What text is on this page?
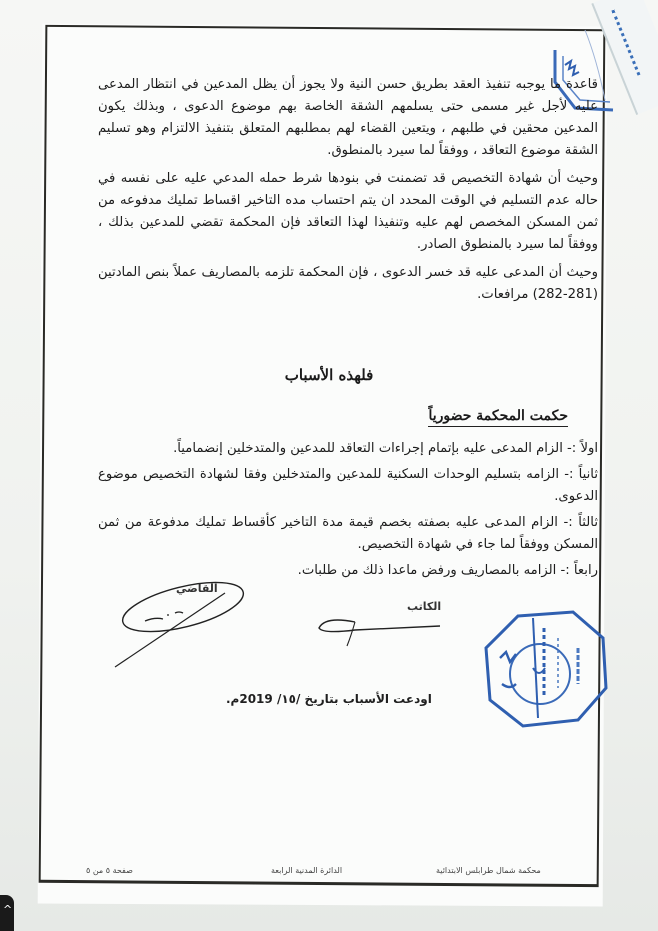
قاعدة ما يوجبه تنفيذ العقد بطريق حسن النية ولا يجوز أن يظل المدعين في انتظار المدعى عليه لأجل غير مسمى حتى يسلمهم الشقة الخاصة بهم موضوع الدعوى ، وبذلك يكون المدعين محقين في طلبهم ، ويتعين القضاء لهم بمطلبهم المتعلق بتنفيذ الالتزام وهو تسليم الشقة موضوع التعاقد ، ووفقاً لما سيرد بالمنطوق.

وحيث أن شهادة التخصيص قد تضمنت في بنودها شرط حمله المدعي عليه على نفسه في حاله عدم التسليم في الوقت المحدد ان يتم احتساب مده التاخير اقساط تمليك مدفوعه من ثمن المسكن المخصص لهم عليه وتنفيذا لهذا التعاقد فإن المحكمة تقضي للمدعين بذلك ، ووفقاً لما سيرد بالمنطوق الصادر.

وحيث أن المدعى عليه قد خسر الدعوى ، فإن المحكمة تلزمه بالمصاريف عملاً بنص المادتين (281-282) مرافعات.

فلهذه الأسباب
حكمت المحكمة حضورياً

اولاً :- الزام المدعى عليه بإتمام إجراءات التعاقد للمدعين والمتدخلين إنضمامياً.

ثانياً :- الزامه بتسليم الوحدات السكنية للمدعين والمتدخلين وفقا لشهادة التخصيص موضوع الدعوى.

ثالثاً :- الزام المدعى عليه بصفته بخصم قيمة مدة التاخير كأقساط تمليك مدفوعة من ثمن المسكن ووفقاً لما جاء في شهادة التخصيص.

رابعاً :- الزامه بالمصاريف ورفض ماعدا ذلك من طلبات.

القاضي
الكاتب
اودعت الأسباب بتاريخ /١٥/ 2019م.
محكمة شمال طرابلس الابتدائية
الدائرة المدنية الرابعة
صفحة ٥ من ٥
^
